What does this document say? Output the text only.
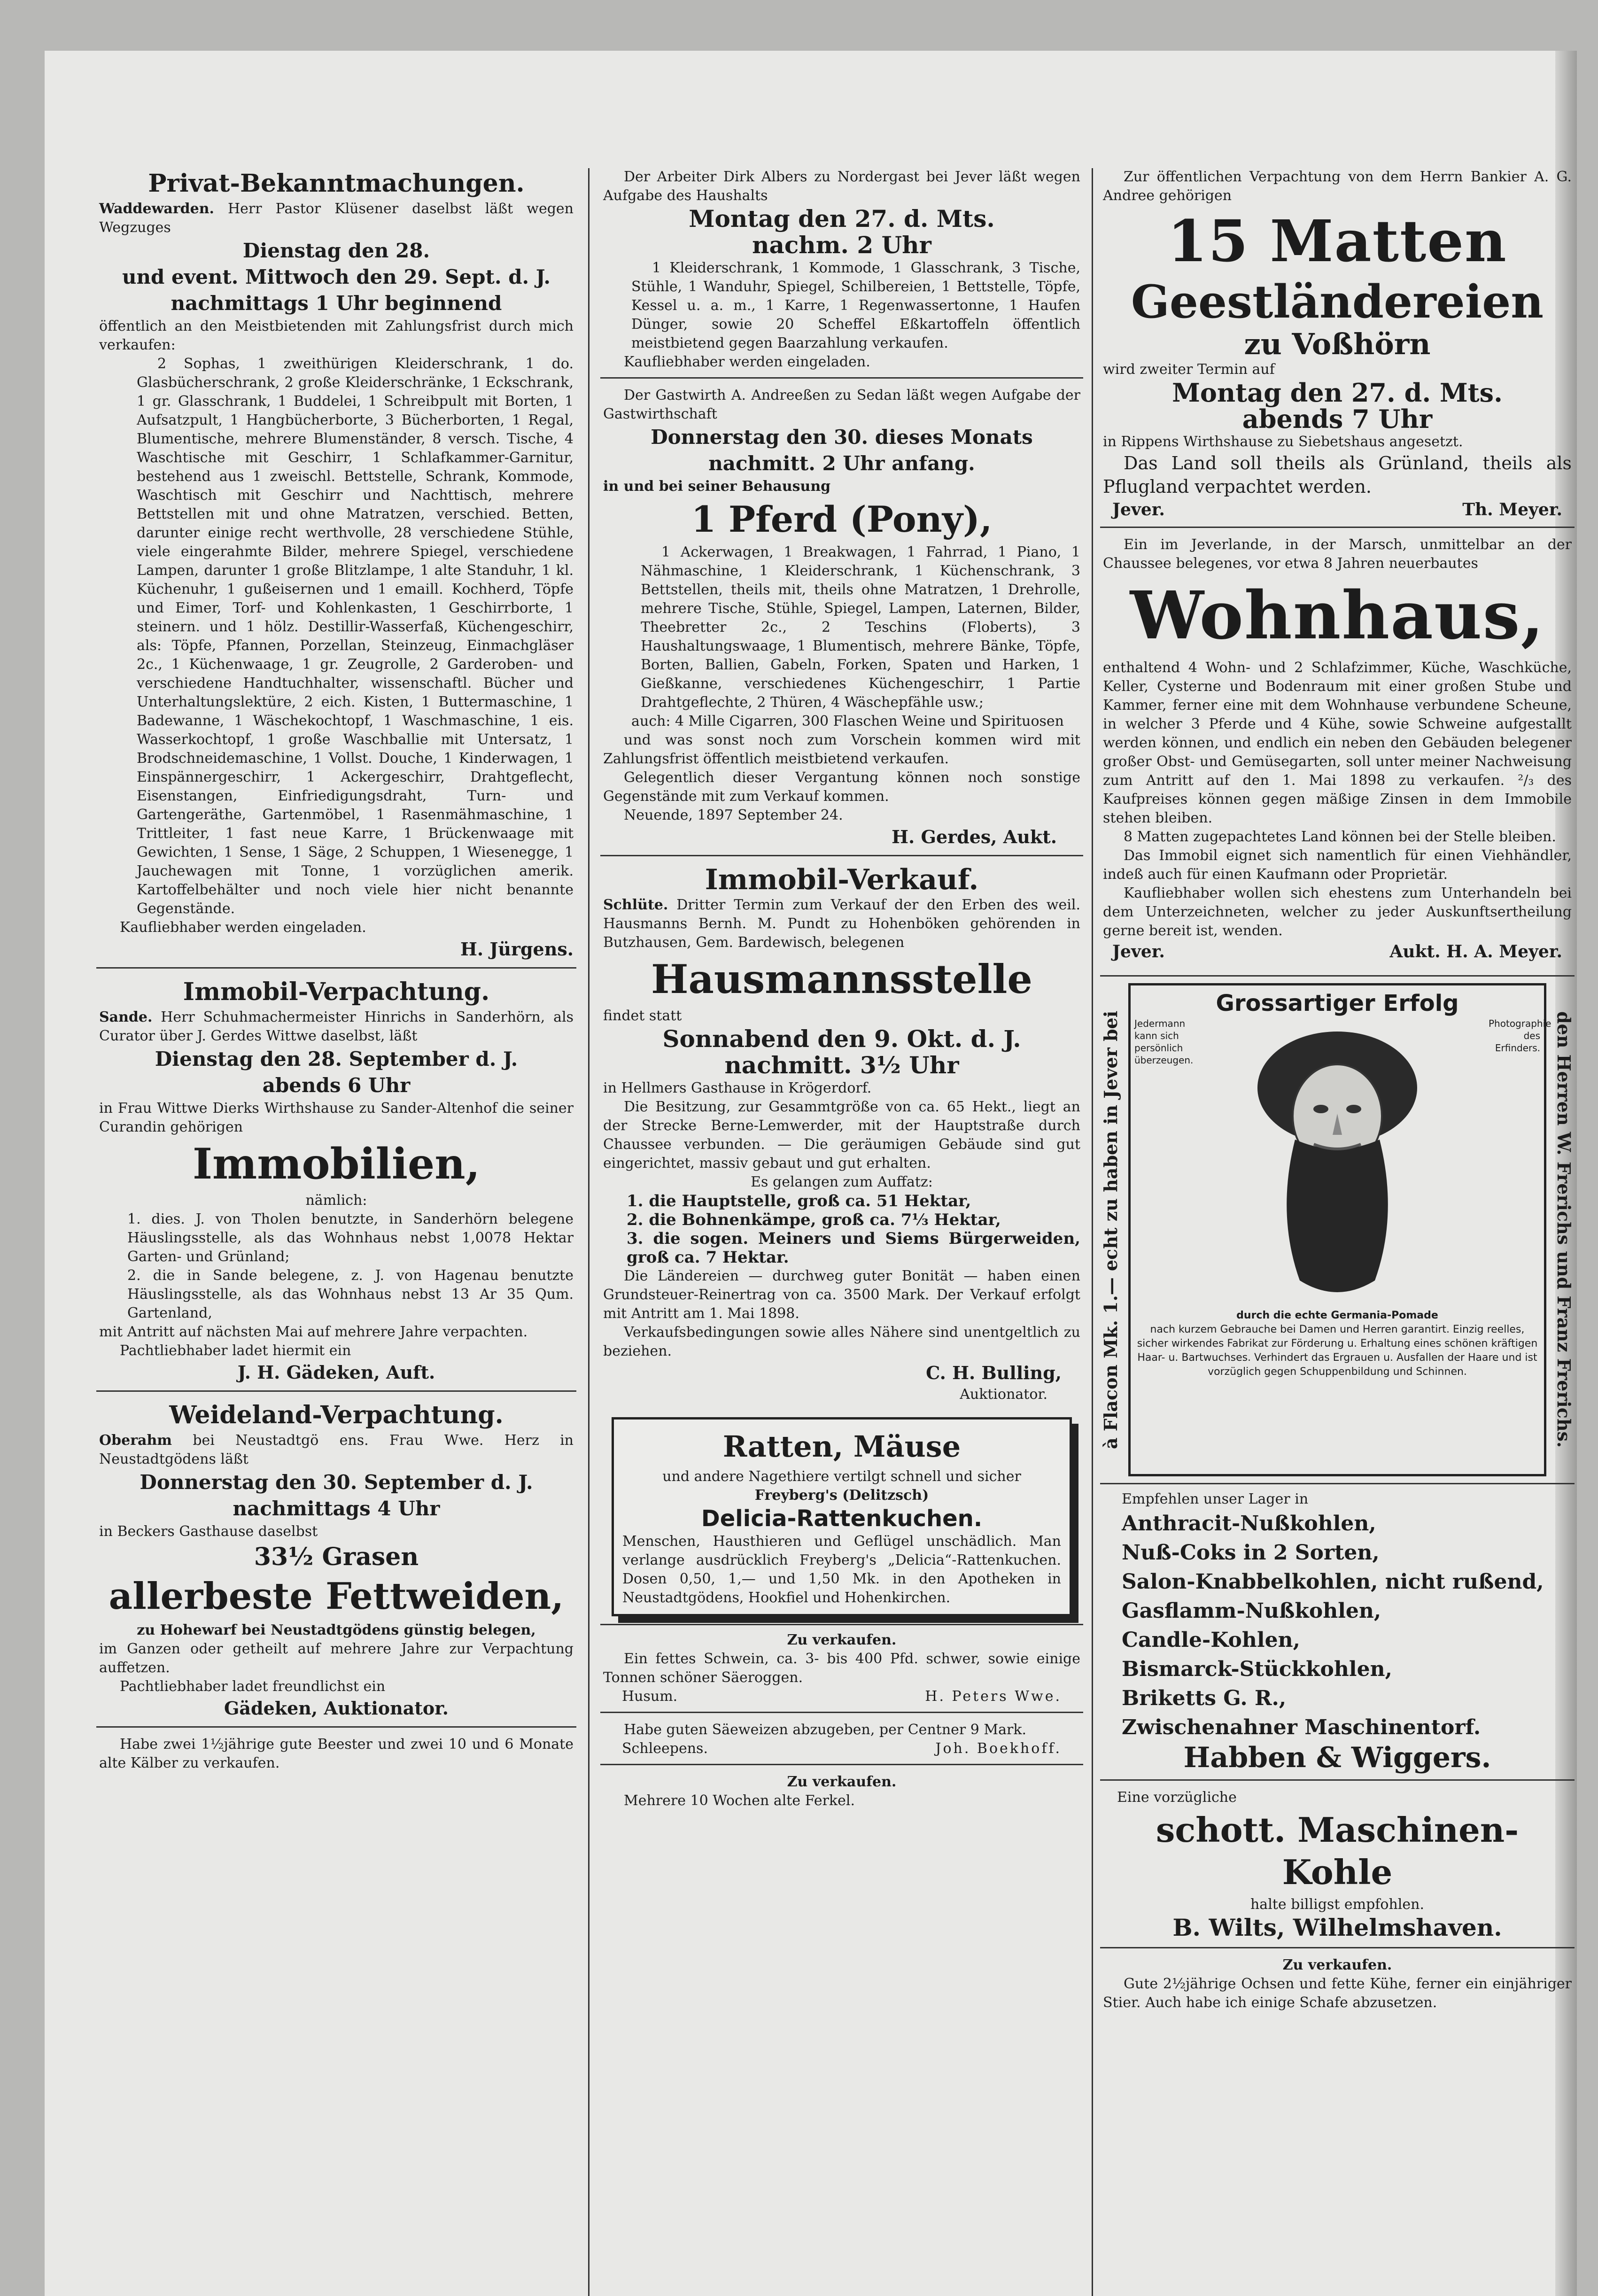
Privat-Bekanntmachungen.

Waddewarden. Herr Pastor Klüsener daselbst läßt wegen Wegzuges

Dienstag den 28.
und event. Mittwoch den 29. Sept. d. J.
nachmittags 1 Uhr beginnend

öffentlich an den Meistbietenden mit Zahlungsfrist durch mich verkaufen:

2 Sophas, 1 zweithürigen Kleiderschrank, 1 do. Glasbücherschrank, 2 große Kleiderschränke, 1 Eckschrank, 1 gr. Glasschrank, 1 Buddelei, 1 Schreibpult mit Borten, 1 Aufsatzpult, 1 Hangbücherborte, 3 Bücherborten, 1 Regal, Blumentische, mehrere Blumenständer, 8 versch. Tische, 4 Waschtische mit Geschirr, 1 Schlafkammer-Garnitur, bestehend aus 1 zweischl. Bettstelle, Schrank, Kommode, Waschtisch mit Geschirr und Nachttisch, mehrere Bettstellen mit und ohne Matratzen, verschied. Betten, darunter einige recht werthvolle, 28 verschiedene Stühle, viele eingerahmte Bilder, mehrere Spiegel, verschiedene Lampen, darunter 1 große Blitzlampe, 1 alte Standuhr, 1 kl. Küchenuhr, 1 gußeisernen und 1 emaill. Kochherd, Töpfe und Eimer, Torf- und Kohlenkasten, 1 Geschirrborte, 1 steinern. und 1 hölz. Destillir-Wasserfaß, Küchengeschirr, als: Töpfe, Pfannen, Porzellan, Steinzeug, Einmachgläser 2c., 1 Küchenwaage, 1 gr. Zeugrolle, 2 Garderoben- und verschiedene Handtuchhalter, wissenschaftl. Bücher und Unterhaltungslektüre, 2 eich. Kisten, 1 Buttermaschine, 1 Badewanne, 1 Wäschekochtopf, 1 Waschmaschine, 1 eis. Wasserkochtopf, 1 große Waschballie mit Untersatz, 1 Brodschneidemaschine, 1 Vollst. Douche, 1 Kinderwagen, 1 Einspännergeschirr, 1 Ackergeschirr, Drahtgeflecht, Eisenstangen, Einfriedigungsdraht, Turn- und Gartengeräthe, Gartenmöbel, 1 Rasenmähmaschine, 1 Trittleiter, 1 fast neue Karre, 1 Brückenwaage mit Gewichten, 1 Sense, 1 Säge, 2 Schuppen, 1 Wiesenegge, 1 Jauchewagen mit Tonne, 1 vorzüglichen amerik. Kartoffelbehälter und noch viele hier nicht benannte Gegenstände.

Kaufliebhaber werden eingeladen.

H. Jürgens.
Immobil-Verpachtung.

Sande. Herr Schuhmachermeister Hinrichs in Sanderhörn, als Curator über J. Gerdes Wittwe daselbst, läßt

Dienstag den 28. September d. J.
abends 6 Uhr

in Frau Wittwe Dierks Wirthshause zu Sander-Altenhof die seiner Curandin gehörigen

Immobilien,

nämlich:

1. dies. J. von Tholen benutzte, in Sanderhörn belegene Häuslingsstelle, als das Wohnhaus nebst 1,0078 Hektar Garten- und Grünland;

2. die in Sande belegene, z. J. von Hagenau benutzte Häuslingsstelle, als das Wohnhaus nebst 13 Ar 35 Qum. Gartenland,

mit Antritt auf nächsten Mai auf mehrere Jahre verpachten.

Pachtliebhaber ladet hiermit ein

J. H. Gädeken, Auft.
Weideland-Verpachtung.

Oberahm bei Neustadtgö ens. Frau Wwe. Herz in Neustadtgödens läßt

Donnerstag den 30. September d. J.
nachmittags 4 Uhr

in Beckers Gasthause daselbst

33½ Grasen
allerbeste Fettweiden,

zu Hohewarf bei Neustadtgödens günstig belegen,

im Ganzen oder getheilt auf mehrere Jahre zur Verpachtung auffetzen.

Pachtliebhaber ladet freundlichst ein

Gädeken, Auktionator.

Habe zwei 1½jährige gute Beester und zwei 10 und 6 Monate alte Kälber zu verkaufen.

Der Arbeiter Dirk Albers zu Nordergast bei Jever läßt wegen Aufgabe des Haushalts

Montag den 27. d. Mts.
nachm. 2 Uhr

1 Kleiderschrank, 1 Kommode, 1 Glasschrank, 3 Tische, Stühle, 1 Wanduhr, Spiegel, Schilbereien, 1 Bettstelle, Töpfe, Kessel u. a. m., 1 Karre, 1 Regenwassertonne, 1 Haufen Dünger, sowie 20 Scheffel Eßkartoffeln öffentlich meistbietend gegen Baarzahlung verkaufen.

Kaufliebhaber werden eingeladen.

Der Gastwirth A. Andreeßen zu Sedan läßt wegen Aufgabe der Gastwirthschaft

Donnerstag den 30. dieses Monats
nachmitt. 2 Uhr anfang.

in und bei seiner Behausung

1 Pferd (Pony),

1 Ackerwagen, 1 Breakwagen, 1 Fahrrad, 1 Piano, 1 Nähmaschine, 1 Kleiderschrank, 1 Küchenschrank, 3 Bettstellen, theils mit, theils ohne Matratzen, 1 Drehrolle, mehrere Tische, Stühle, Spiegel, Lampen, Laternen, Bilder, Theebretter 2c., 2 Teschins (Floberts), 3 Haushaltungswaage, 1 Blumentisch, mehrere Bänke, Töpfe, Borten, Ballien, Gabeln, Forken, Spaten und Harken, 1 Gießkanne, verschiedenes Küchengeschirr, 1 Partie Drahtgeflechte, 2 Thüren, 4 Wäschepfähle usw.;

auch: 4 Mille Cigarren, 300 Flaschen Weine und Spirituosen

und was sonst noch zum Vorschein kommen wird mit Zahlungsfrist öffentlich meistbietend verkaufen.

Gelegentlich dieser Vergantung können noch sonstige Gegenstände mit zum Verkauf kommen.

Neuende, 1897 September 24.

H. Gerdes, Aukt.
Immobil-Verkauf.

Schlüte. Dritter Termin zum Verkauf der den Erben des weil. Hausmanns Bernh. M. Pundt zu Hohenböken gehörenden in Butzhausen, Gem. Bardewisch, belegenen

Hausmannsstelle

findet statt

Sonnabend den 9. Okt. d. J.
nachmitt. 3½ Uhr

in Hellmers Gasthause in Krögerdorf.

Die Besitzung, zur Gesammtgröße von ca. 65 Hekt., liegt an der Strecke Berne-Lemwerder, mit der Hauptstraße durch Chaussee verbunden. — Die geräumigen Gebäude sind gut eingerichtet, massiv gebaut und gut erhalten.

Es gelangen zum Auffatz:

1. die Hauptstelle, groß ca. 51 Hektar,

2. die Bohnenkämpe, groß ca. 7⅓ Hektar,

3. die sogen. Meiners und Siems Bürgerweiden, groß ca. 7 Hektar.

Die Ländereien — durchweg guter Bonität — haben einen Grundsteuer-Reinertrag von ca. 3500 Mark. Der Verkauf erfolgt mit Antritt am 1. Mai 1898.

Verkaufsbedingungen sowie alles Nähere sind unentgeltlich zu beziehen.

C. H. Bulling,
Auktionator.
Ratten, Mäuse

und andere Nagethiere vertilgt schnell und sicher

Freyberg's (Delitzsch)

Delicia-Rattenkuchen.

Menschen, Hausthieren und Geflügel unschädlich. Man verlange ausdrücklich Freyberg's „Delicia“-Rattenkuchen. Dosen 0,50, 1,— und 1,50 Mk. in den Apotheken in Neustadtgödens, Hookfiel und Hohenkirchen.

Zu verkaufen.

Ein fettes Schwein, ca. 3- bis 400 Pfd. schwer, sowie einige Tonnen schöner Säeroggen.

Husum.	H. Peters Wwe.

Habe guten Säeweizen abzugeben, per Centner 9 Mark.

Schleepens.	Joh. Boekhoff.

Zu verkaufen.

Mehrere 10 Wochen alte Ferkel.

Zur öffentlichen Verpachtung von dem Herrn Bankier A. G. Andree gehörigen

15 Matten
Geestländereien
zu Voßhörn

wird zweiter Termin auf

Montag den 27. d. Mts.
abends 7 Uhr

in Rippens Wirthshause zu Siebetshaus angesetzt.

Das Land soll theils als Grünland, theils als Pflugland verpachtet werden.

Jever.	Th. Meyer.

Ein im Jeverlande, in der Marsch, unmittelbar an der Chaussee belegenes, vor etwa 8 Jahren neuerbautes

Wohnhaus,

enthaltend 4 Wohn- und 2 Schlafzimmer, Küche, Waschküche, Keller, Cysterne und Bodenraum mit einer großen Stube und Kammer, ferner eine mit dem Wohnhause verbundene Scheune, in welcher 3 Pferde und 4 Kühe, sowie Schweine aufgestallt werden können, und endlich ein neben den Gebäuden belegener großer Obst- und Gemüsegarten, soll unter meiner Nachweisung zum Antritt auf den 1. Mai 1898 zu verkaufen. ²/₃ des Kaufpreises können gegen mäßige Zinsen in dem Immobile stehen bleiben.

8 Matten zugepachtetes Land können bei der Stelle bleiben.

Das Immobil eignet sich namentlich für einen Viehhändler, indeß auch für einen Kaufmann oder Proprietär.

Kaufliebhaber wollen sich ehestens zum Unterhandeln bei dem Unterzeichneten, welcher zu jeder Auskunftsertheilung gerne bereit ist, wenden.

Jever.	Aukt. H. A. Meyer.
à Flacon Mk. 1.— echt zu haben in Jever bei
Grossartiger Erfolg
Jedermann kann sich persönlich überzeugen.
Photographie des Erfinders.
durch die echte Germania-Pomade
nach kurzem Gebrauche bei Damen und Herren garantirt. Einzig reelles, sicher wirkendes Fabrikat zur Förderung u. Erhaltung eines schönen kräftigen Haar- u. Bartwuchses. Verhindert das Ergrauen u. Ausfallen der Haare und ist vorzüglich gegen Schuppenbildung und Schinnen.	den Herren W. Frerichs und Franz Frerichs.

Empfehlen unser Lager in

Anthracit-Nußkohlen,
Nuß-Coks in 2 Sorten,
Salon-Knabbelkohlen, nicht rußend,
Gasflamm-Nußkohlen,
Candle-Kohlen,
Bismarck-Stückkohlen,
Briketts G. R.,
Zwischenahner Maschinentorf.
Habben & Wiggers.

Eine vorzügliche

schott. Maschinen-Kohle

halte billigst empfohlen.

B. Wilts, Wilhelmshaven.

Zu verkaufen.

Gute 2½jährige Ochsen und fette Kühe, ferner ein einjähriger Stier. Auch habe ich einige Schafe abzusetzen.
